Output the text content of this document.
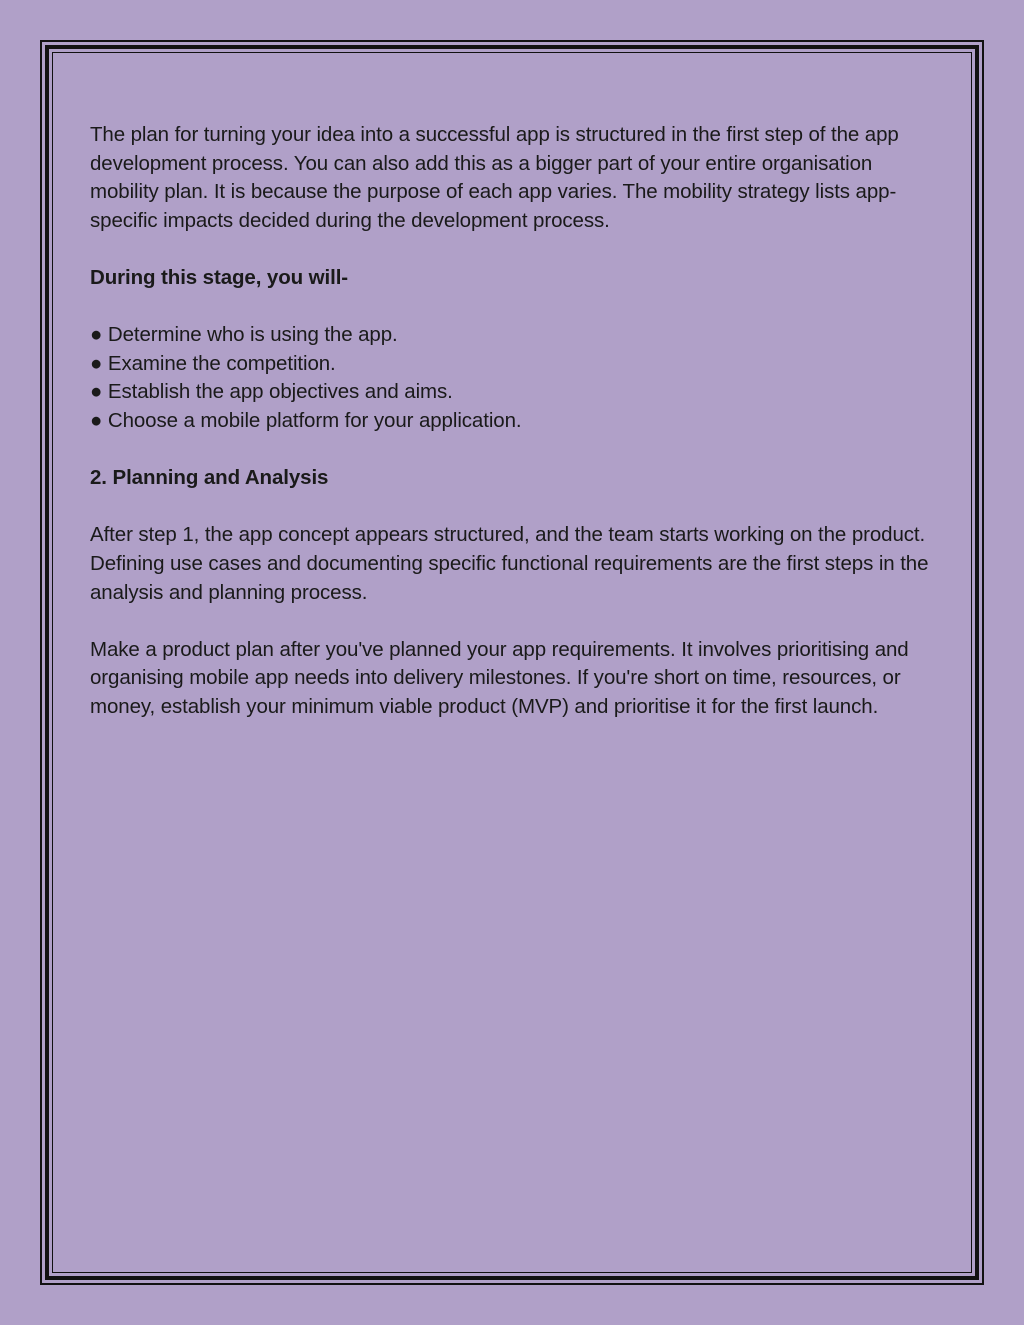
The plan for turning your idea into a successful app is structured in the first step of the app development process. You can also add this as a bigger part of your entire organisation mobility plan. It is because the purpose of each app varies. The mobility strategy lists app-specific impacts decided during the development process.

During this stage, you will-

● Determine who is using the app.
● Examine the competition.
● Establish the app objectives and aims.
● Choose a mobile platform for your application.

2. Planning and Analysis

After step 1, the app concept appears structured, and the team starts working on the product. Defining use cases and documenting specific functional requirements are the first steps in the analysis and planning process.

Make a product plan after you've planned your app requirements. It involves prioritising and organising mobile app needs into delivery milestones. If you're short on time, resources, or money, establish your minimum viable product (MVP) and prioritise it for the first launch.
